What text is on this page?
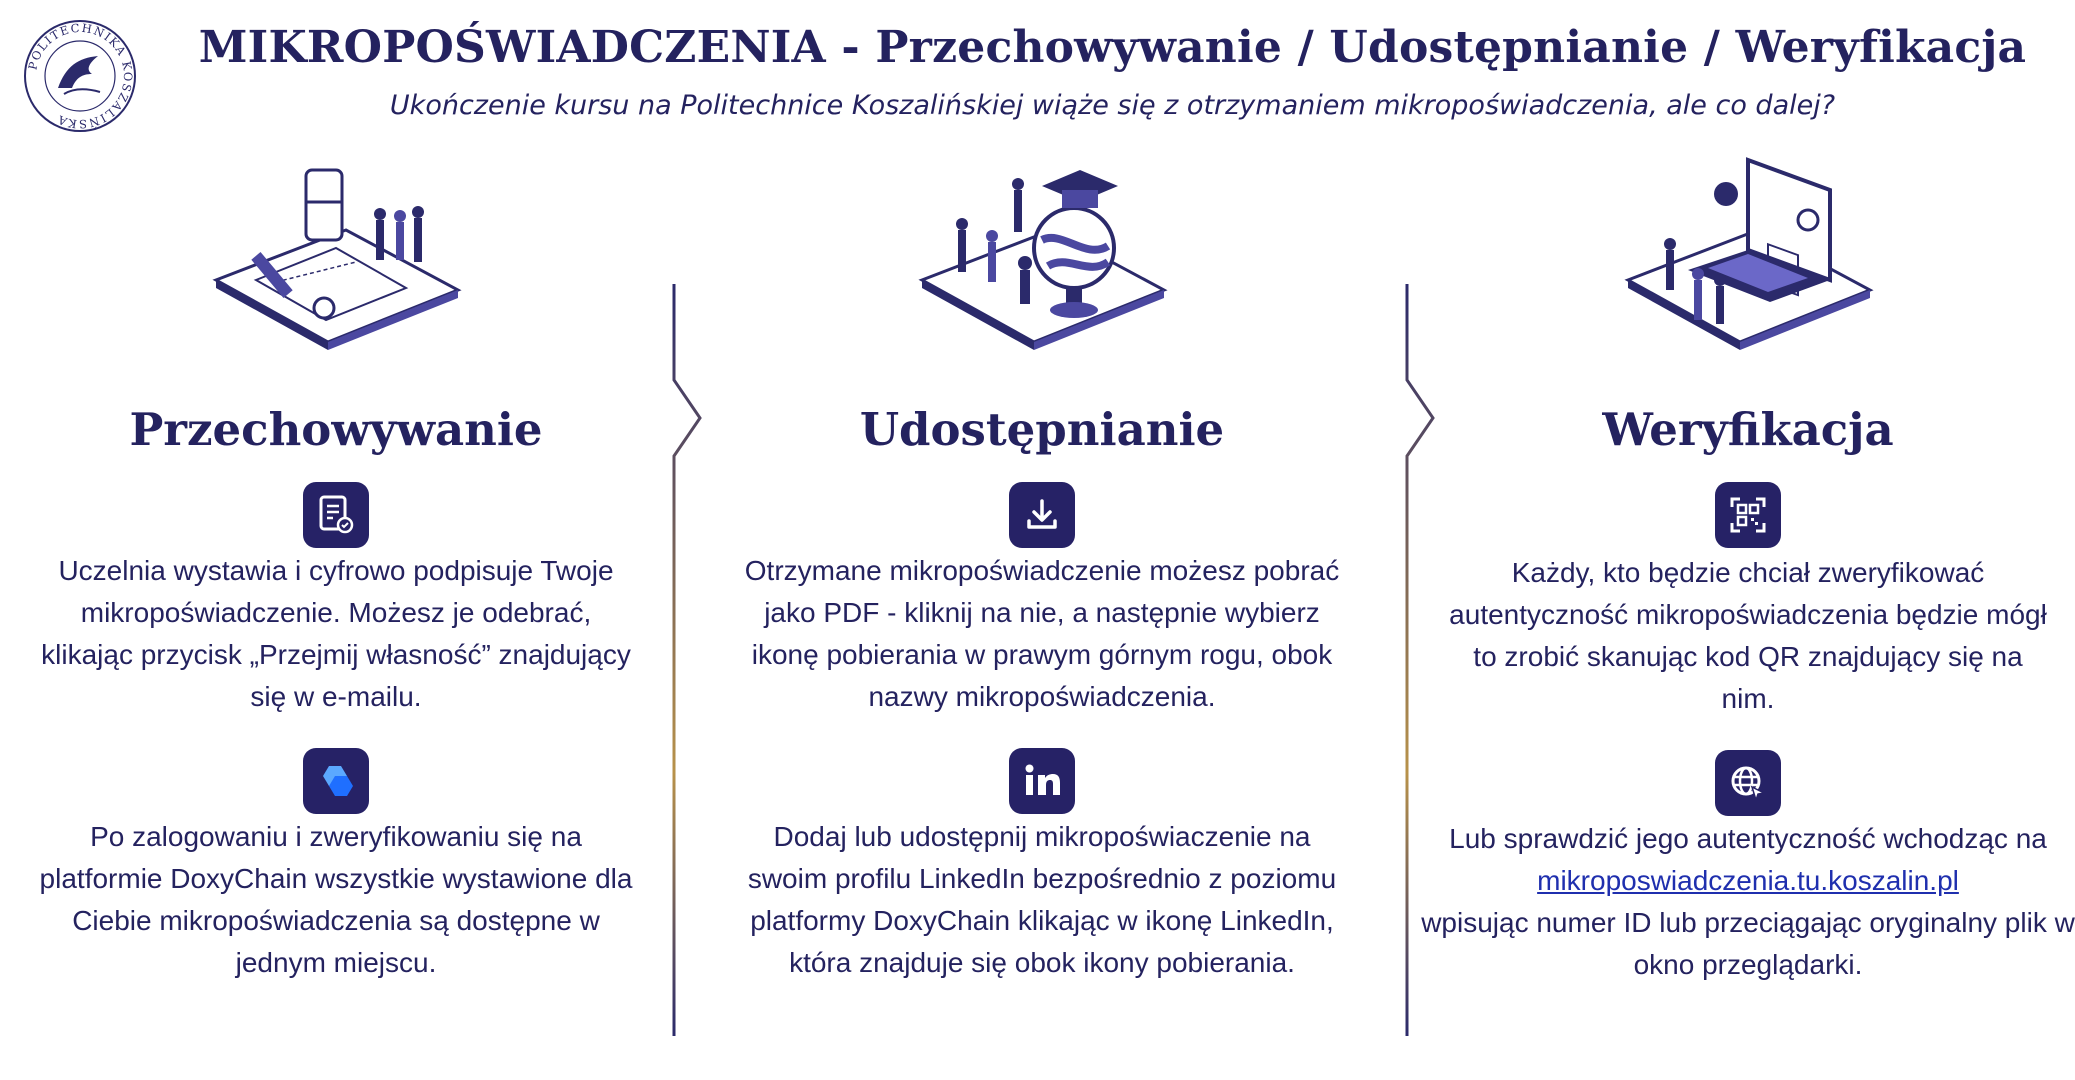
POLITECHNIKA KOSZALIŃSKA
MIKROPOŚWIADCZENIA - Przechowywanie / Udostępnianie / Weryfikacja
Ukończenie kursu na Politechnice Koszalińskiej wiąże się z otrzymaniem mikropoświadczenia, ale co dalej?
Przechowywanie

Uczelnia wystawia i cyfrowo podpisuje Twoje mikropoświadczenie. Możesz je odebrać, klikając przycisk „Przejmij własność” znajdujący się w e-mailu.

Po zalogowaniu i zweryfikowaniu się na platformie DoxyChain wszystkie wystawione dla Ciebie mikropoświadczenia są dostępne w jednym miejscu.

Udostępnianie

Otrzymane mikropoświadczenie możesz pobrać jako PDF - kliknij na nie, a następnie wybierz ikonę pobierania w prawym górnym rogu, obok nazwy mikropoświadczenia.

Dodaj lub udostępnij mikropoświaczenie na swoim profilu LinkedIn bezpośrednio z poziomu platformy DoxyChain klikając w ikonę LinkedIn, która znajduje się obok ikony pobierania.

Weryfikacja

Każdy, kto będzie chciał zweryfikować autentyczność mikropoświadczenia będzie mógł to zrobić skanując kod QR znajdujący się na nim.

Lub sprawdzić jego autentyczność wchodząc na
mikroposwiadczenia.tu.koszalin.pl
wpisując numer ID lub przeciągając oryginalny plik w okno przeglądarki.
